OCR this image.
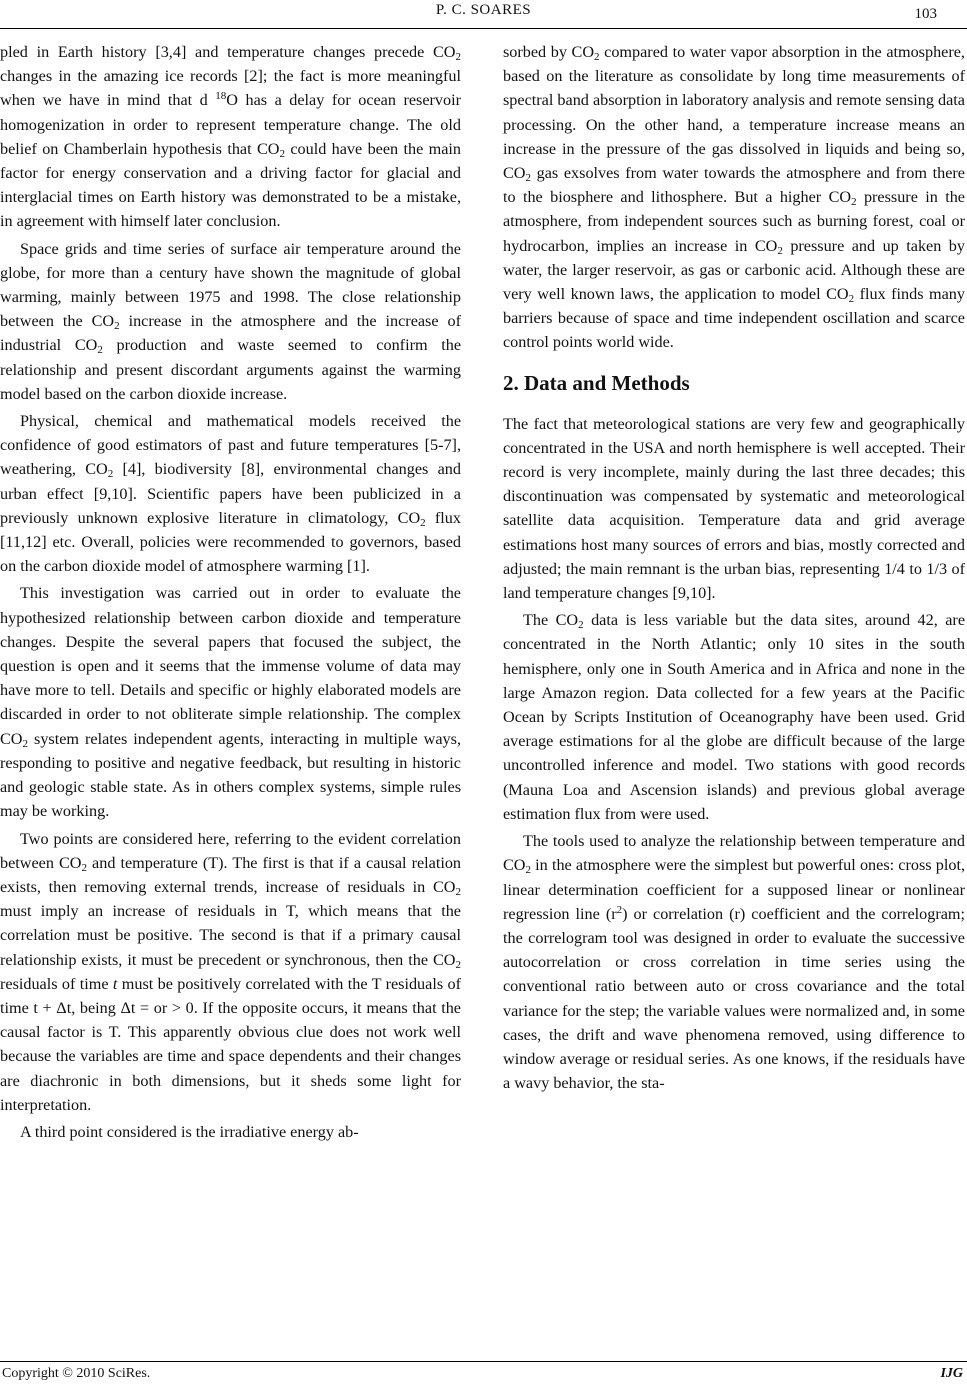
P. C. SOARES	103

pled in Earth history [3,4] and temperature changes precede $CO_2$ changes in the amazing ice records [2]; the fact is more meaningful when we have in mind that d $^{18}$O has a delay for ocean reservoir homogenization in order to represent temperature change. The old belief on Chamberlain hypothesis that $CO_2$ could have been the main factor for energy conservation and a driving factor for glacial and interglacial times on Earth history was demonstrated to be a mistake, in agreement with himself later conclusion.

Space grids and time series of surface air temperature around the globe, for more than a century have shown the magnitude of global warming, mainly between 1975 and 1998. The close relationship between the $CO_2$ increase in the atmosphere and the increase of industrial $CO_2$ production and waste seemed to confirm the relationship and present discordant arguments against the warming model based on the carbon dioxide increase.

Physical, chemical and mathematical models received the confidence of good estimators of past and future temperatures [5-7], weathering, $CO_2$ [4], biodiversity [8], environmental changes and urban effect [9,10]. Scientific papers have been publicized in a previously unknown explosive literature in climatology, $CO_2$ flux [11,12] etc. Overall, policies were recommended to governors, based on the carbon dioxide model of atmosphere warming [1].

This investigation was carried out in order to evaluate the hypothesized relationship between carbon dioxide and temperature changes. Despite the several papers that focused the subject, the question is open and it seems that the immense volume of data may have more to tell. Details and specific or highly elaborated models are discarded in order to not obliterate simple relationship. The complex $CO_2$ system relates independent agents, interacting in multiple ways, responding to positive and negative feedback, but resulting in historic and geologic stable state. As in others complex systems, simple rules may be working.

Two points are considered here, referring to the evident correlation between $CO_2$ and temperature (T). The first is that if a causal relation exists, then removing external trends, increase of residuals in $CO_2$ must imply an increase of residuals in T, which means that the correlation must be positive. The second is that if a primary causal relationship exists, it must be precedent or synchronous, then the $CO_2$ residuals of time t must be positively correlated with the T residuals of time t + Δt, being Δt = or > 0. If the opposite occurs, it means that the causal factor is T. This apparently obvious clue does not work well because the variables are time and space dependents and their changes are diachronic in both dimensions, but it sheds some light for interpretation.

A third point considered is the irradiative energy ab-

sorbed by $CO_2$ compared to water vapor absorption in the atmosphere, based on the literature as consolidate by long time measurements of spectral band absorption in laboratory analysis and remote sensing data processing. On the other hand, a temperature increase means an increase in the pressure of the gas dissolved in liquids and being so, $CO_2$ gas exsolves from water towards the atmosphere and from there to the biosphere and lithosphere. But a higher $CO_2$ pressure in the atmosphere, from independent sources such as burning forest, coal or hydrocarbon, implies an increase in $CO_2$ pressure and up taken by water, the larger reservoir, as gas or carbonic acid. Although these are very well known laws, the application to model $CO_2$ flux finds many barriers because of space and time independent oscillation and scarce control points world wide.

2. Data and Methods

The fact that meteorological stations are very few and geographically concentrated in the USA and north hemisphere is well accepted. Their record is very incomplete, mainly during the last three decades; this discontinuation was compensated by systematic and meteorological satellite data acquisition. Temperature data and grid average estimations host many sources of errors and bias, mostly corrected and adjusted; the main remnant is the urban bias, representing 1/4 to 1/3 of land temperature changes [9,10].

The $CO_2$ data is less variable but the data sites, around 42, are concentrated in the North Atlantic; only 10 sites in the south hemisphere, only one in South America and in Africa and none in the large Amazon region. Data collected for a few years at the Pacific Ocean by Scripts Institution of Oceanography have been used. Grid average estimations for al the globe are difficult because of the large uncontrolled inference and model. Two stations with good records (Mauna Loa and Ascension islands) and previous global average estimation flux from were used.

The tools used to analyze the relationship between temperature and $CO_2$ in the atmosphere were the simplest but powerful ones: cross plot, linear determination coefficient for a supposed linear or nonlinear regression line $(r^2)$ or correlation (r) coefficient and the correlogram; the correlogram tool was designed in order to evaluate the successive autocorrelation or cross correlation in time series using the conventional ratio between auto or cross covariance and the total variance for the step; the variable values were normalized and, in some cases, the drift and wave phenomena removed, using difference to window average or residual series. As one knows, if the residuals have a wavy behavior, the sta-

Copyright © 2010 SciRes.	IJG
